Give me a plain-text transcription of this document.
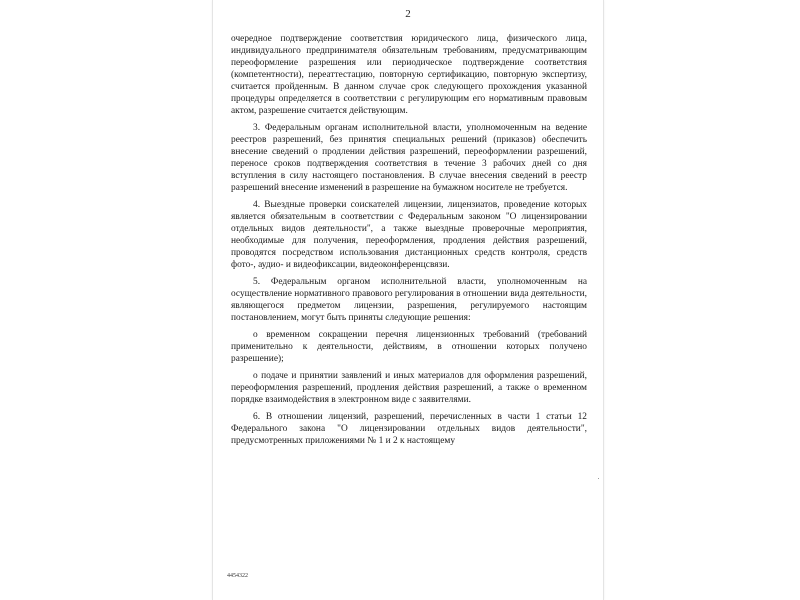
2

очередное подтверждение соответствия юридического лица, физического лица, индивидуального предпринимателя обязательным требованиям, предусматривающим переоформление разрешения или периодическое подтверждение соответствия (компетентности), переаттестацию, повторную сертификацию, повторную экспертизу, считается пройденным. В данном случае срок следующего прохождения указанной процедуры определяется в соответствии с регулирующим его нормативным правовым актом, разрешение считается действующим.

3. Федеральным органам исполнительной власти, уполномоченным на ведение реестров разрешений, без принятия специальных решений (приказов) обеспечить внесение сведений о продлении действия разрешений, переоформлении разрешений, переносе сроков подтверждения соответствия в течение 3 рабочих дней со дня вступления в силу настоящего постановления. В случае внесения сведений в реестр разрешений внесение изменений в разрешение на бумажном носителе не требуется.

4. Выездные проверки соискателей лицензии, лицензиатов, проведение которых является обязательным в соответствии с Федеральным законом "О лицензировании отдельных видов деятельности", а также выездные проверочные мероприятия, необходимые для получения, переоформления, продления действия разрешений, проводятся посредством использования дистанционных средств контроля, средств фото-, аудио- и видеофиксации, видеоконференцсвязи.

5. Федеральным органом исполнительной власти, уполномоченным на осуществление нормативного правового регулирования в отношении вида деятельности, являющегося предметом лицензии, разрешения, регулируемого настоящим постановлением, могут быть приняты следующие решения:

о временном сокращении перечня лицензионных требований (требований применительно к деятельности, действиям, в отношении которых получено разрешение);

о подаче и принятии заявлений и иных материалов для оформления разрешений, переоформления разрешений, продления действия разрешений, а также о временном порядке взаимодействия в электронном виде с заявителями.

6. В отношении лицензий, разрешений, перечисленных в части 1 статьи 12 Федерального закона "О лицензировании отдельных видов деятельности", предусмотренных приложениями № 1 и 2 к настоящему

4454322
